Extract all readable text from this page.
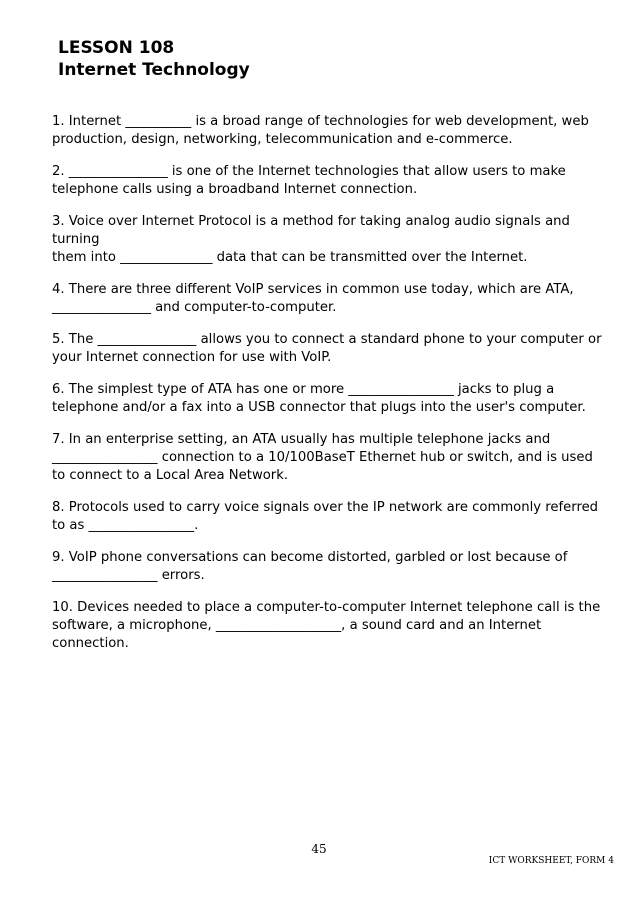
LESSON 108
Internet Technology

1. Internet __________ is a broad range of technologies for web development, web production, design, networking, telecommunication and e-commerce.

2. _______________ is one of the Internet technologies that allow users to make telephone calls using a broadband Internet connection.

3. Voice over Internet Protocol is a method for taking analog audio signals and turning
them into ______________ data that can be transmitted over the Internet.

4. There are three different VoIP services in common use today, which are ATA, _______________ and computer-to-computer.

5. The _______________ allows you to connect a standard phone to your computer or your Internet connection for use with VoIP.

6. The simplest type of ATA has one or more ________________ jacks to plug a telephone and/or a fax into a USB connector that plugs into the user's computer.

7. In an enterprise setting, an ATA usually has multiple telephone jacks and ________________ connection to a 10/100BaseT Ethernet hub or switch, and is used to connect to a Local Area Network.

8. Protocols used to carry voice signals over the IP network are commonly referred to as ________________.

9. VoIP phone conversations can become distorted, garbled or lost because of ________________ errors.

10. Devices needed to place a computer-to-computer Internet telephone call is the software, a microphone, ___________________, a sound card and an Internet connection.

45
ICT WORKSHEET, FORM 4
